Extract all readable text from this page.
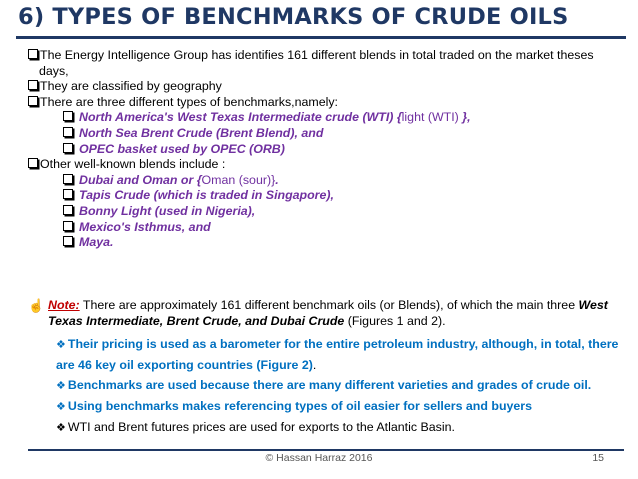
6) TYPES OF BENCHMARKS OF CRUDE OILS
The Energy Intelligence Group has identifies 161 different blends in total traded on the market theses
days,
They are classified by geography
There are three different types of benchmarks,namely:
North America's West Texas Intermediate crude (WTI) {light (WTI) },
North Sea Brent Crude (Brent Blend), and
OPEC basket used by OPEC (ORB)
Other well-known blends include :
Dubai and Oman or {Oman (sour)}.
Tapis Crude (which is traded in Singapore),
Bonny Light (used in Nigeria),
Mexico's Isthmus, and
Maya.
☝ Note: There are approximately 161 different benchmark oils (or Blends), of which the main three West
Texas Intermediate, Brent Crude, and Dubai Crude (Figures 1 and 2).
❖ Their pricing is used as a barometer for the entire petroleum industry, although, in total, there
are 46 key oil exporting countries (Figure 2).
❖ Benchmarks are used because there are many different varieties and grades of crude oil.
❖ Using benchmarks makes referencing types of oil easier for sellers and buyers
❖ WTI and Brent futures prices are used for exports to the Atlantic Basin.
© Hassan Harraz 2016	15
